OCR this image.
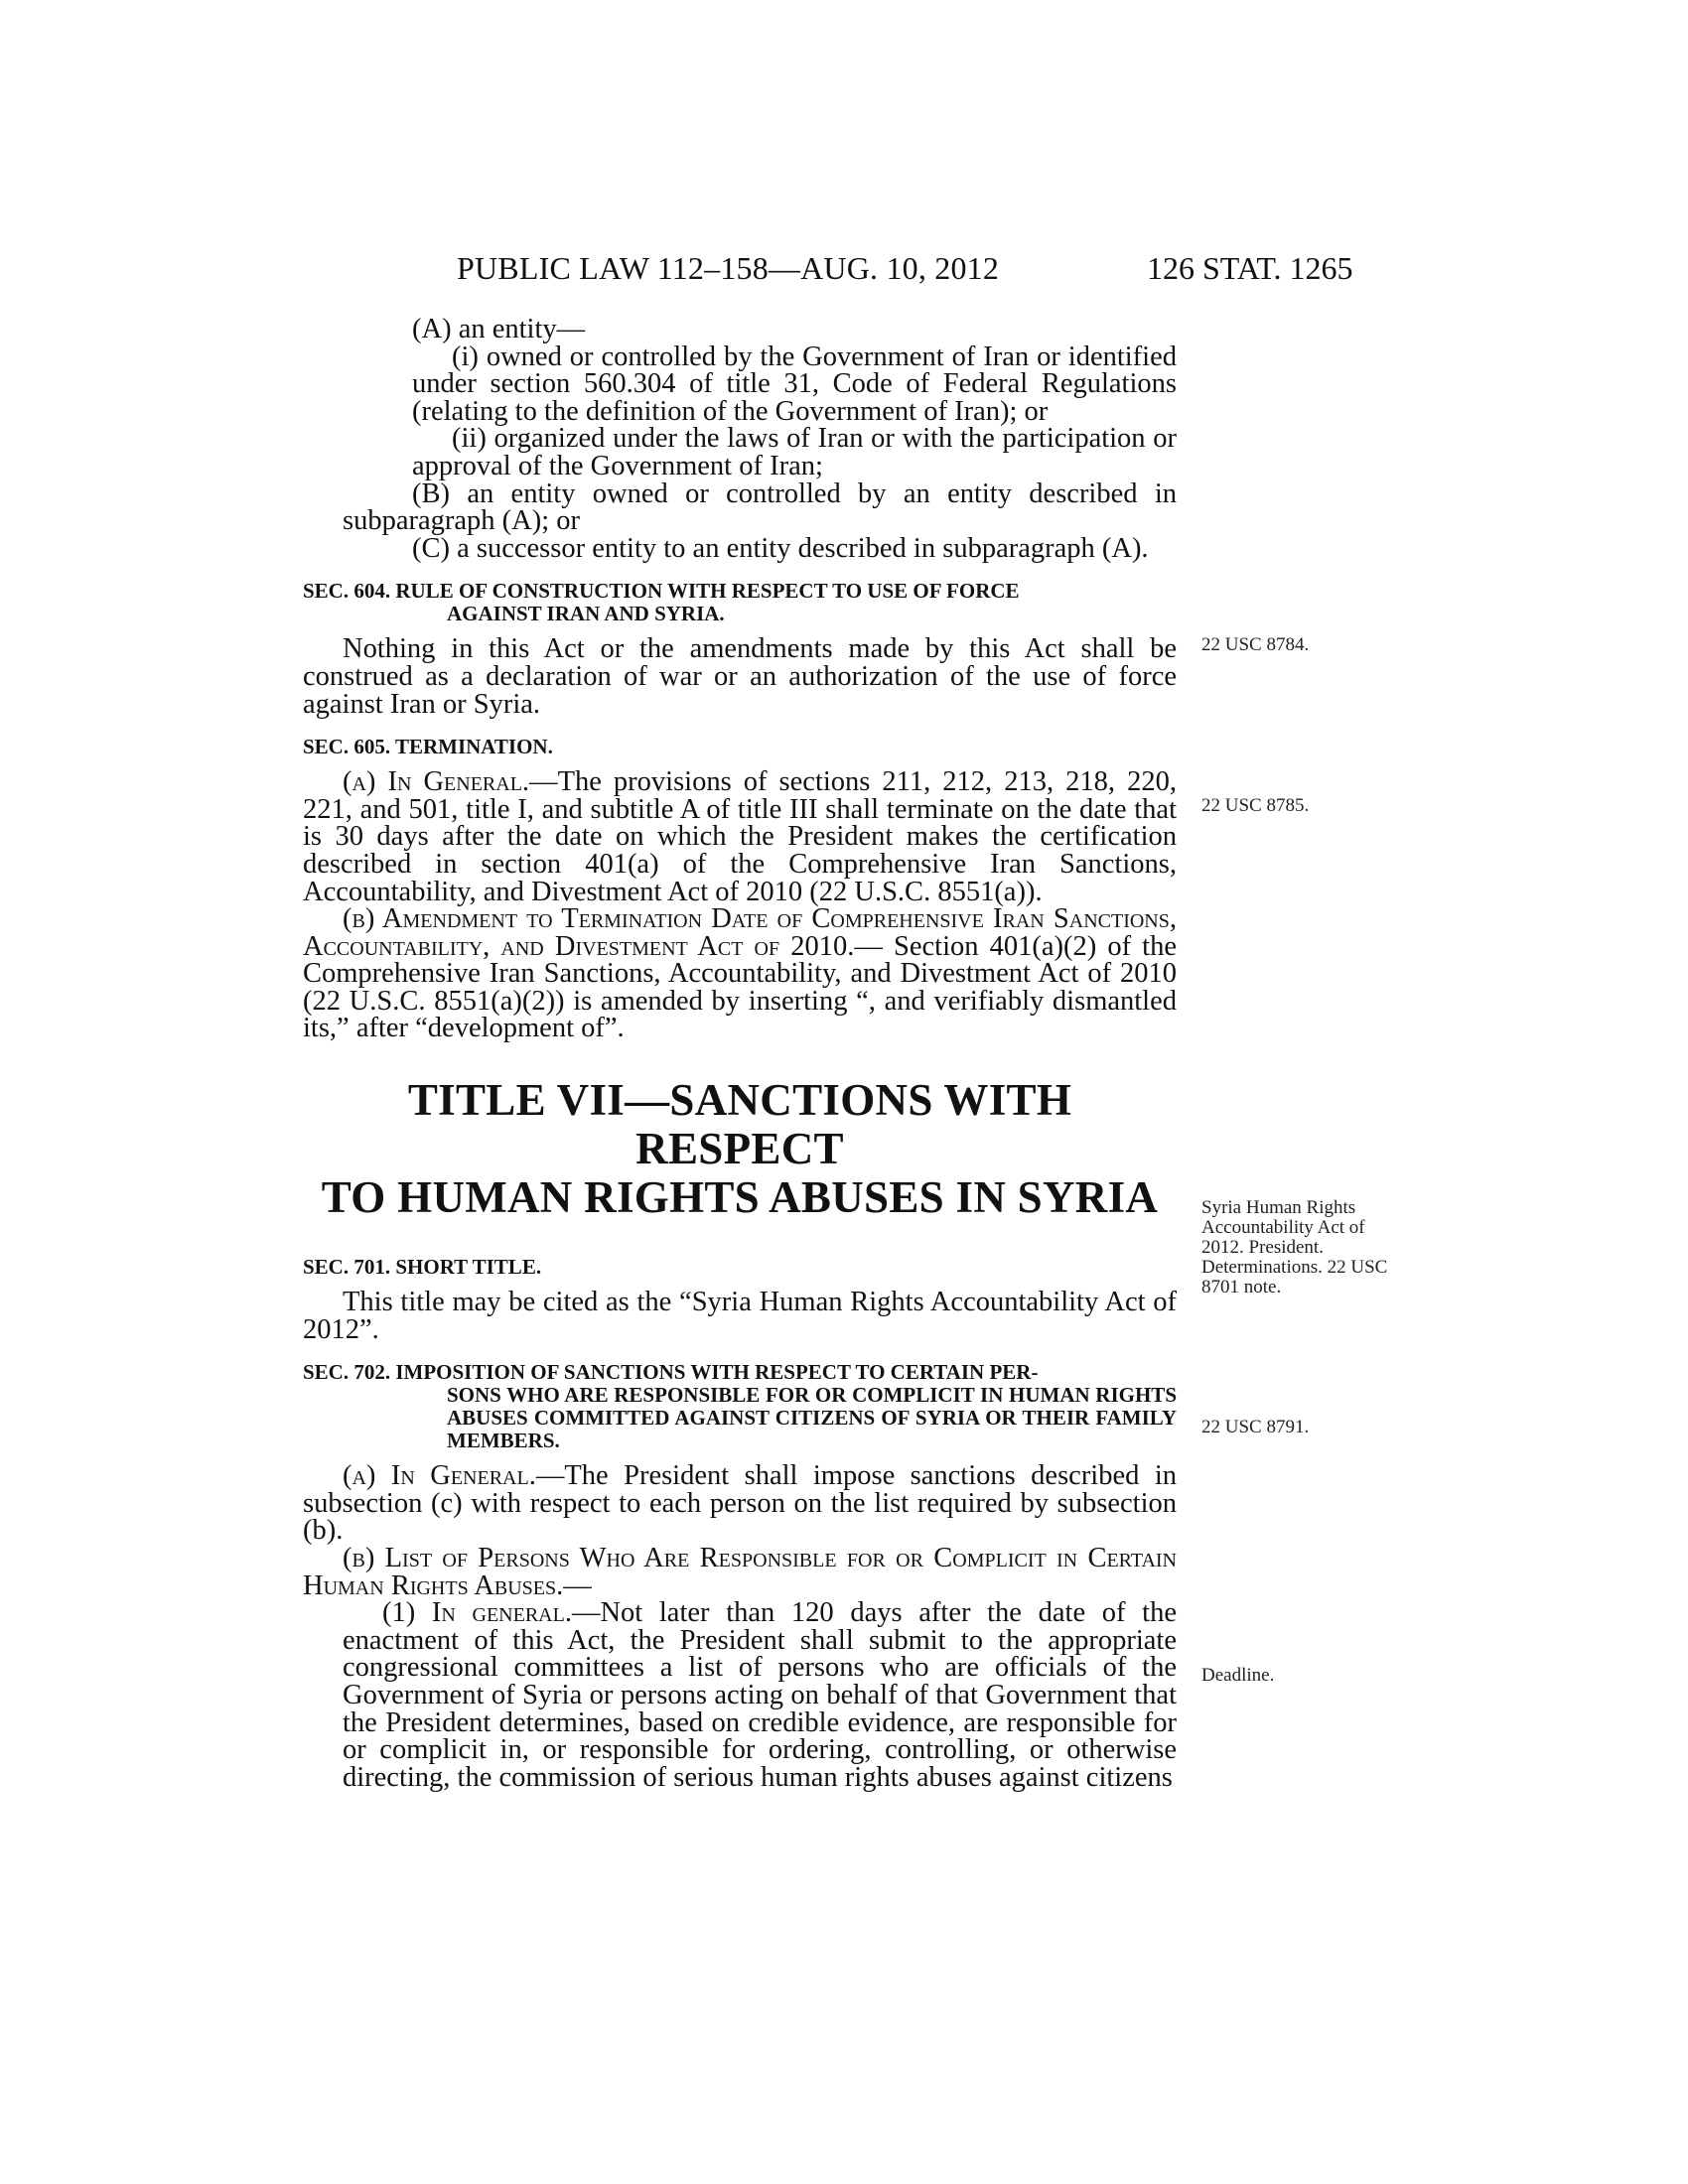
PUBLIC LAW 112–158—AUG. 10, 2012	126 STAT. 1265

(A) an entity—

(i) owned or controlled by the Government of Iran or identified under section 560.304 of title 31, Code of Federal Regulations (relating to the definition of the Government of Iran); or

(ii) organized under the laws of Iran or with the participation or approval of the Government of Iran;

(B) an entity owned or controlled by an entity described in subparagraph (A); or

(C) a successor entity to an entity described in subparagraph (A).

SEC. 604. RULE OF CONSTRUCTION WITH RESPECT TO USE OF FORCE
AGAINST IRAN AND SYRIA.

Nothing in this Act or the amendments made by this Act shall be construed as a declaration of war or an authorization of the use of force against Iran or Syria.

SEC. 605. TERMINATION.

(a) In General.—The provisions of sections 211, 212, 213, 218, 220, 221, and 501, title I, and subtitle A of title III shall terminate on the date that is 30 days after the date on which the President makes the certification described in section 401(a) of the Comprehensive Iran Sanctions, Accountability, and Divestment Act of 2010 (22 U.S.C. 8551(a)).

(b) Amendment to Termination Date of Comprehensive Iran Sanctions, Accountability, and Divestment Act of 2010.— Section 401(a)(2) of the Comprehensive Iran Sanctions, Accountability, and Divestment Act of 2010 (22 U.S.C. 8551(a)(2)) is amended by inserting “, and verifiably dismantled its,” after “development of”.

TITLE VII—SANCTIONS WITH RESPECT
TO HUMAN RIGHTS ABUSES IN SYRIA
SEC. 701. SHORT TITLE.

This title may be cited as the “Syria Human Rights Accountability Act of 2012”.

SEC. 702. IMPOSITION OF SANCTIONS WITH RESPECT TO CERTAIN PER-
SONS WHO ARE RESPONSIBLE FOR OR COMPLICIT IN HUMAN RIGHTS ABUSES COMMITTED AGAINST CITIZENS OF SYRIA OR THEIR FAMILY MEMBERS.

(a) In General.—The President shall impose sanctions described in subsection (c) with respect to each person on the list required by subsection (b).

(b) List of Persons Who Are Responsible for or Complicit in Certain Human Rights Abuses.—

(1) In general.—Not later than 120 days after the date of the enactment of this Act, the President shall submit to the appropriate congressional committees a list of persons who are officials of the Government of Syria or persons acting on behalf of that Government that the President determines, based on credible evidence, are responsible for or complicit in, or responsible for ordering, controlling, or otherwise directing, the commission of serious human rights abuses against citizens

22 USC 8784.
22 USC 8785.
Syria Human Rights Accountability Act of 2012. President. Determinations. 22 USC 8701 note.
22 USC 8791.
Deadline.
